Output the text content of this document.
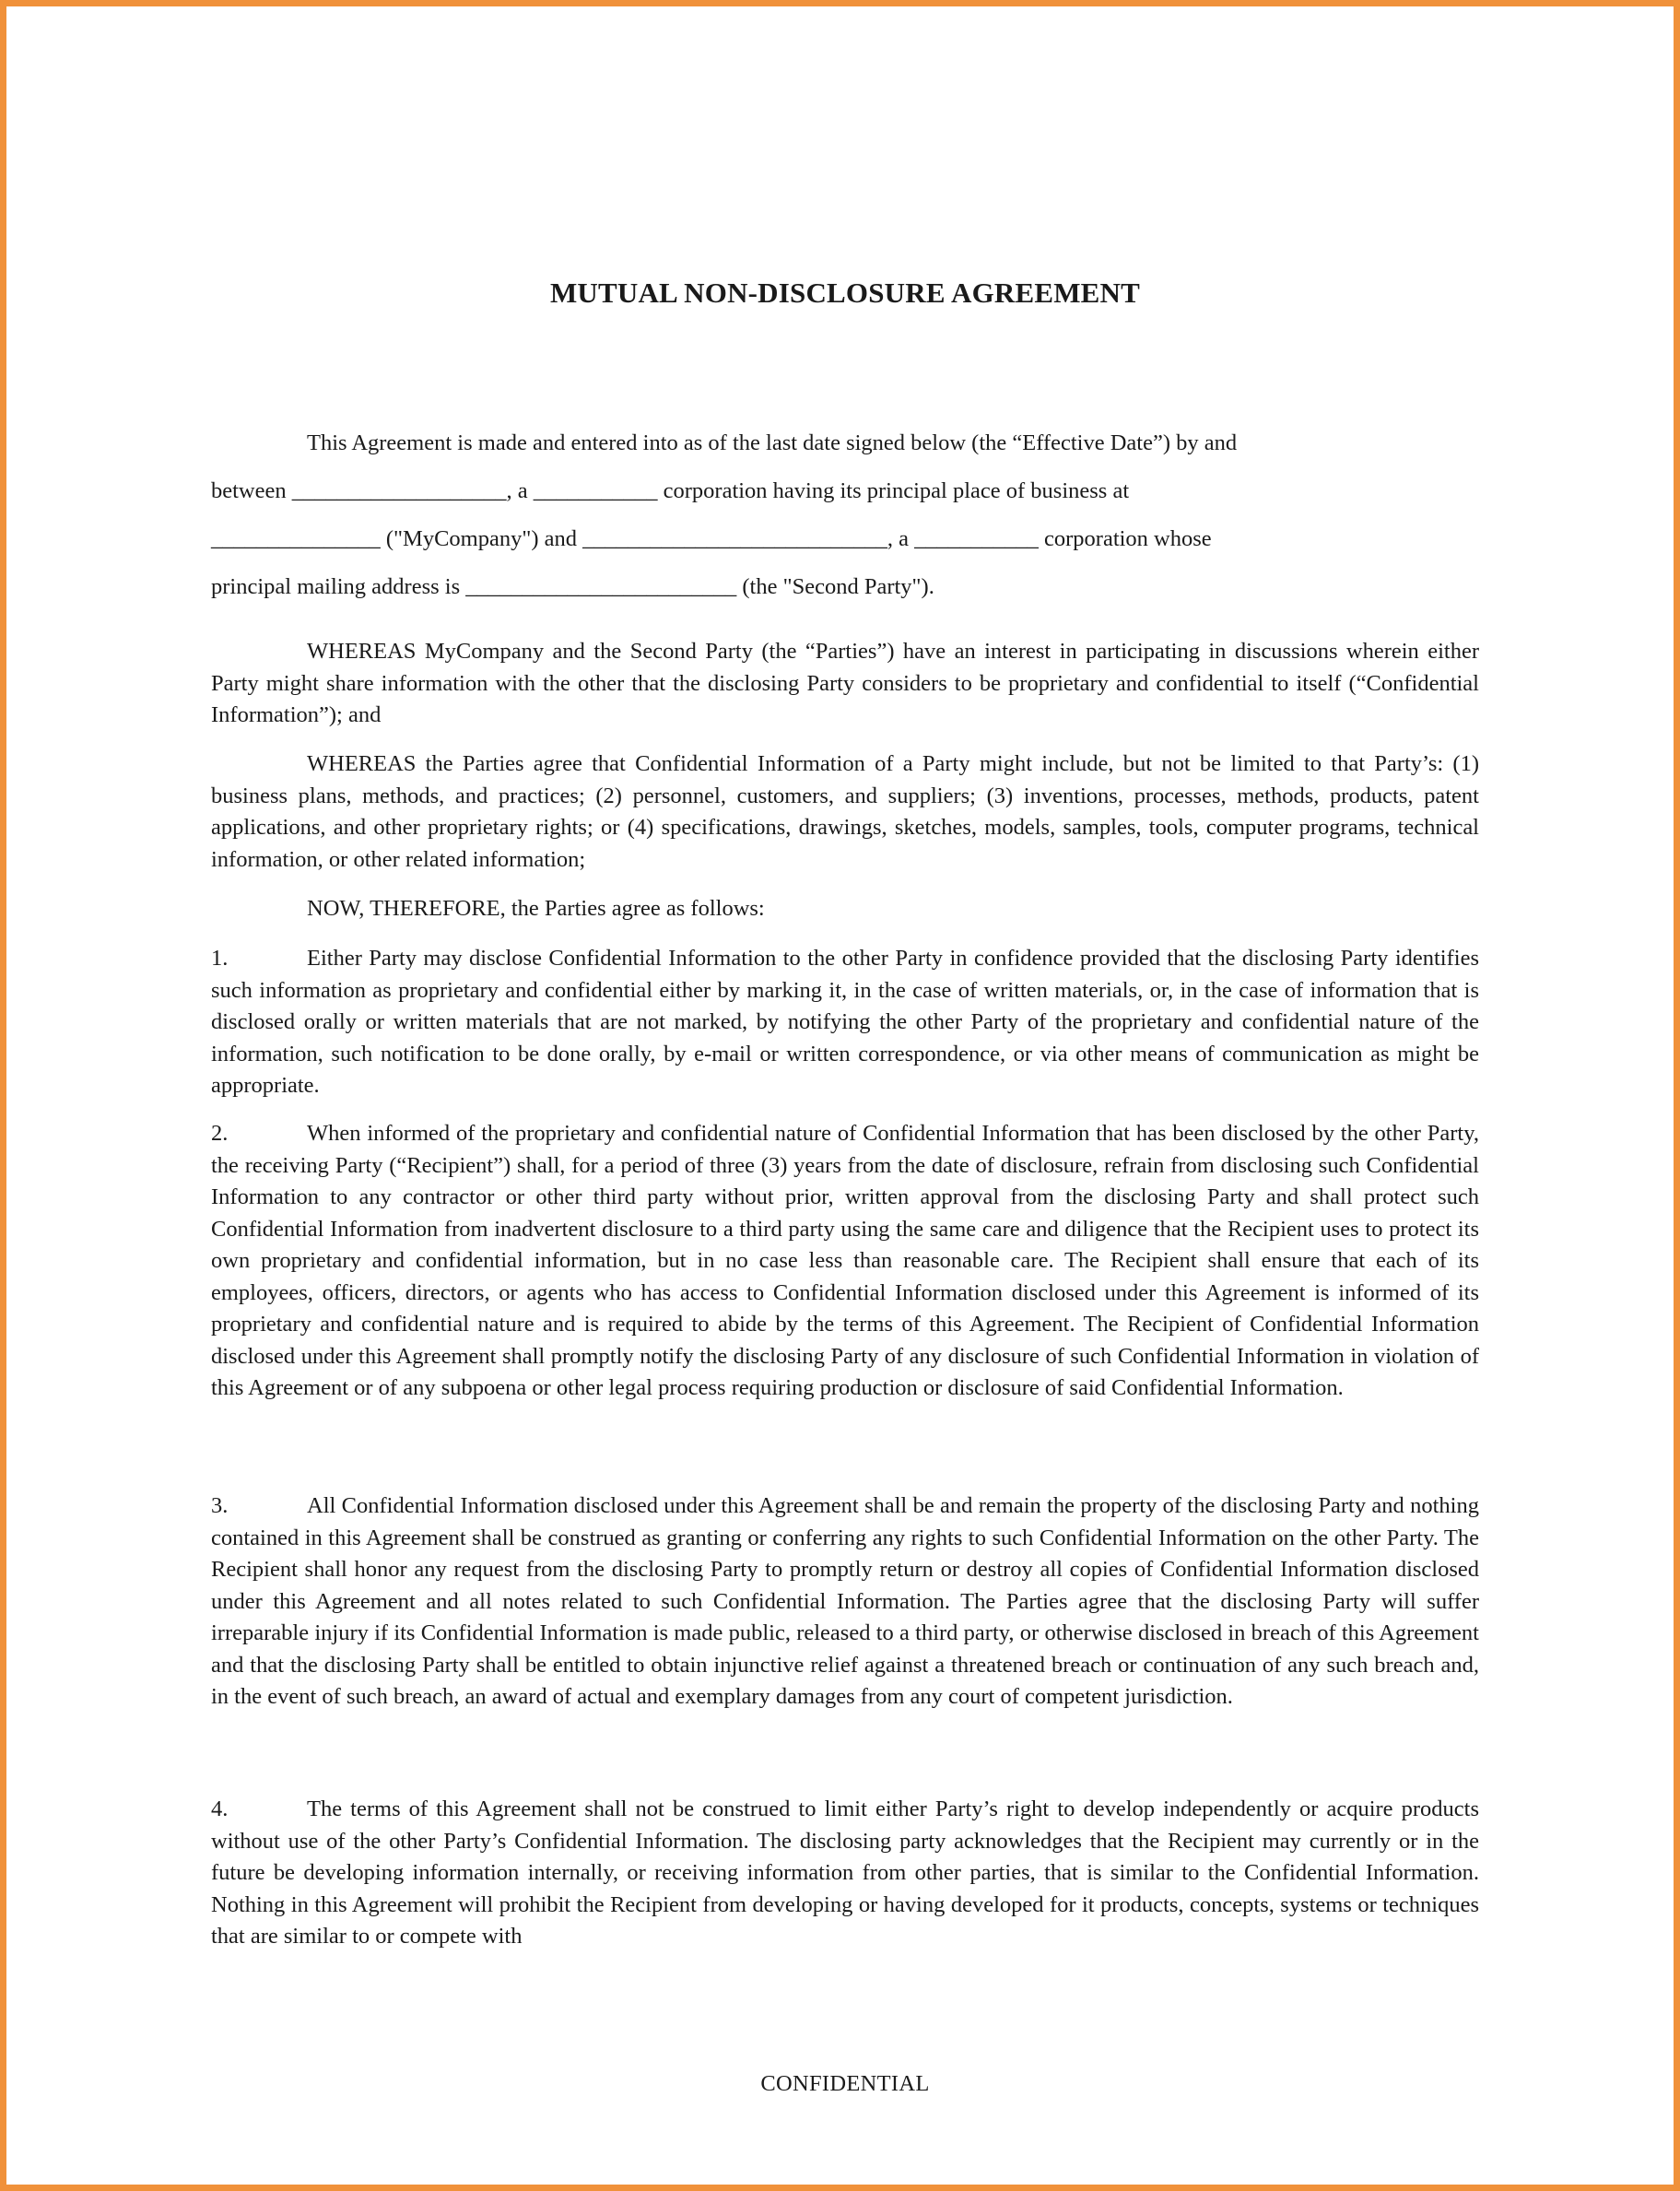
MUTUAL NON-DISCLOSURE AGREEMENT
This Agreement is made and entered into as of the last date signed below (the “Effective Date”) by and
between ___________________, a ___________ corporation having its principal place of business at
_______________ ("MyCompany") and ___________________________, a ___________ corporation whose
principal mailing address is ________________________ (the "Second Party").

WHEREAS MyCompany and the Second Party (the “Parties”) have an interest in participating in discussions wherein either Party might share information with the other that the disclosing Party considers to be proprietary and confidential to itself (“Confidential Information”); and

WHEREAS the Parties agree that Confidential Information of a Party might include, but not be limited to that Party’s: (1) business plans, methods, and practices; (2) personnel, customers, and suppliers; (3) inventions, processes, methods, products, patent applications, and other proprietary rights; or (4) specifications, drawings, sketches, models, samples, tools, computer programs, technical information, or other related information;

NOW, THEREFORE, the Parties agree as follows:

1.	Either Party may disclose Confidential Information to the other Party in confidence provided that the disclosing Party identifies such information as proprietary and confidential either by marking it, in the case of written materials, or, in the case of information that is disclosed orally or written materials that are not marked, by notifying the other Party of the proprietary and confidential nature of the information, such notification to be done orally, by e-mail or written correspondence, or via other means of communication as might be appropriate.

2.	When informed of the proprietary and confidential nature of Confidential Information that has been disclosed by the other Party, the receiving Party (“Recipient”) shall, for a period of three (3) years from the date of disclosure, refrain from disclosing such Confidential Information to any contractor or other third party without prior, written approval from the disclosing Party and shall protect such Confidential Information from inadvertent disclosure to a third party using the same care and diligence that the Recipient uses to protect its own proprietary and confidential information, but in no case less than reasonable care. The Recipient shall ensure that each of its employees, officers, directors, or agents who has access to Confidential Information disclosed under this Agreement is informed of its proprietary and confidential nature and is required to abide by the terms of this Agreement. The Recipient of Confidential Information disclosed under this Agreement shall promptly notify the disclosing Party of any disclosure of such Confidential Information in violation of this Agreement or of any subpoena or other legal process requiring production or disclosure of said Confidential Information.

3.	All Confidential Information disclosed under this Agreement shall be and remain the property of the disclosing Party and nothing contained in this Agreement shall be construed as granting or conferring any rights to such Confidential Information on the other Party. The Recipient shall honor any request from the disclosing Party to promptly return or destroy all copies of Confidential Information disclosed under this Agreement and all notes related to such Confidential Information. The Parties agree that the disclosing Party will suffer irreparable injury if its Confidential Information is made public, released to a third party, or otherwise disclosed in breach of this Agreement and that the disclosing Party shall be entitled to obtain injunctive relief against a threatened breach or continuation of any such breach and, in the event of such breach, an award of actual and exemplary damages from any court of competent jurisdiction.

4.	The terms of this Agreement shall not be construed to limit either Party’s right to develop independently or acquire products without use of the other Party’s Confidential Information. The disclosing party acknowledges that the Recipient may currently or in the future be developing information internally, or receiving information from other parties, that is similar to the Confidential Information. Nothing in this Agreement will prohibit the Recipient from developing or having developed for it products, concepts, systems or techniques that are similar to or compete with

CONFIDENTIAL
